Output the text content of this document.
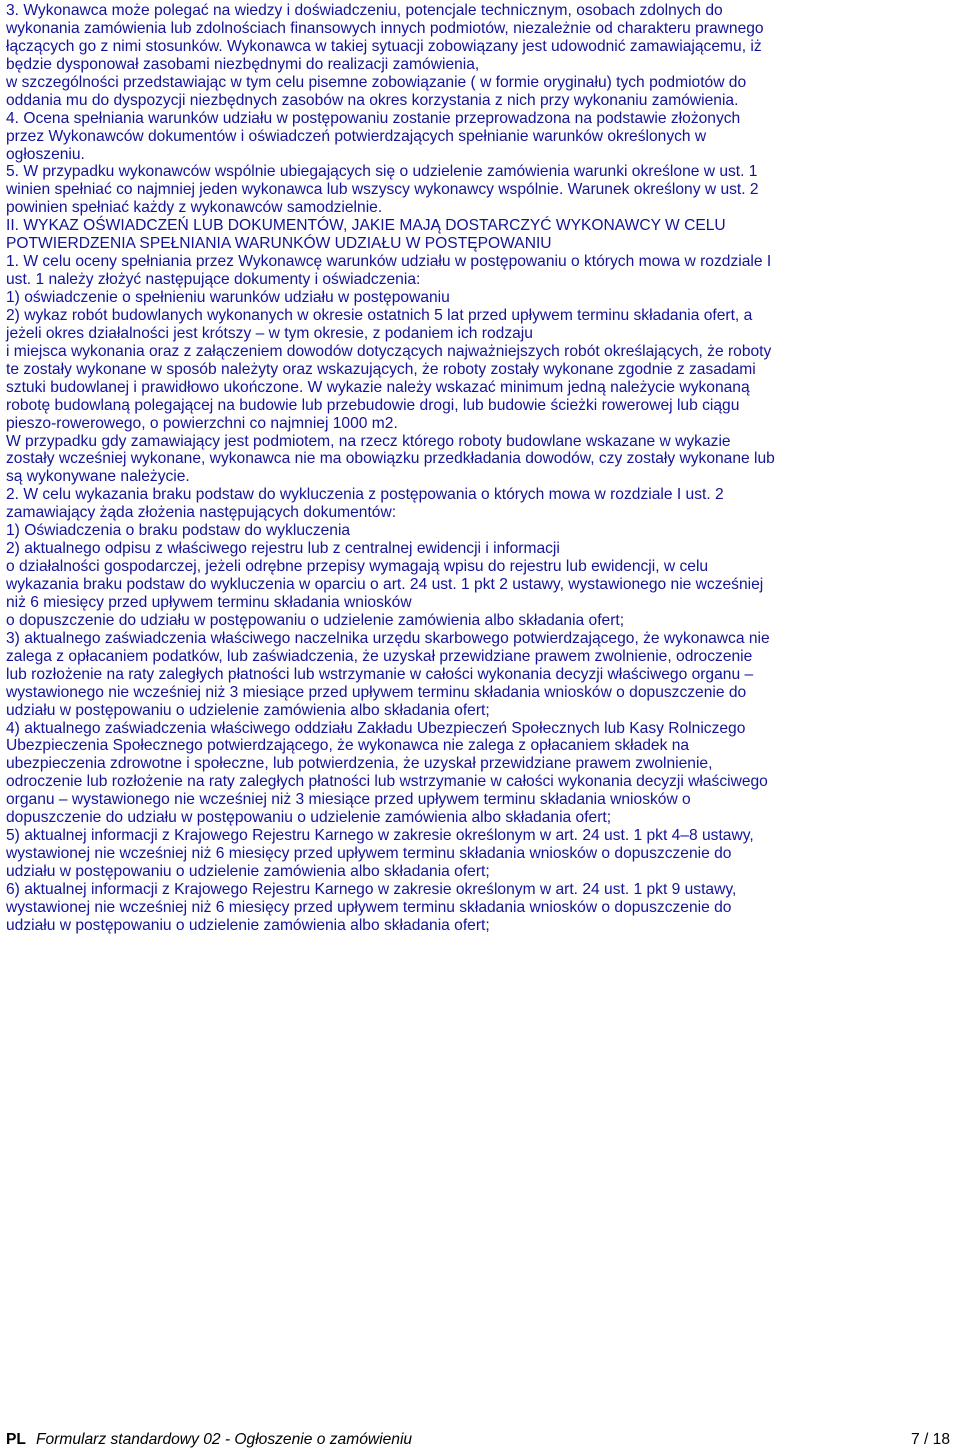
3. Wykonawca może polegać na wiedzy i doświadczeniu, potencjale technicznym, osobach zdolnych do
wykonania zamówienia lub zdolnościach finansowych innych podmiotów, niezależnie od charakteru prawnego
łączących go z nimi stosunków. Wykonawca w takiej sytuacji zobowiązany jest udowodnić zamawiającemu, iż
będzie dysponował zasobami niezbędnymi do realizacji zamówienia,
w szczególności przedstawiając w tym celu pisemne zobowiązanie ( w formie oryginału) tych podmiotów do
oddania mu do dyspozycji niezbędnych zasobów na okres korzystania z nich przy wykonaniu zamówienia.
4. Ocena spełniania warunków udziału w postępowaniu zostanie przeprowadzona na podstawie złożonych
przez Wykonawców dokumentów i oświadczeń potwierdzających spełnianie warunków określonych w
ogłoszeniu.
5. W przypadku wykonawców wspólnie ubiegających się o udzielenie zamówienia warunki określone w ust. 1
winien spełniać co najmniej jeden wykonawca lub wszyscy wykonawcy wspólnie. Warunek określony w ust. 2
powinien spełniać każdy z wykonawców samodzielnie.
II. WYKAZ OŚWIADCZEŃ LUB DOKUMENTÓW, JAKIE MAJĄ DOSTARCZYĆ WYKONAWCY W CELU
POTWIERDZENIA SPEŁNIANIA WARUNKÓW UDZIAŁU W POSTĘPOWANIU
1. W celu oceny spełniania przez Wykonawcę warunków udziału w postępowaniu o których mowa w rozdziale I
ust. 1 należy złożyć następujące dokumenty i oświadczenia:
1) oświadczenie o spełnieniu warunków udziału w postępowaniu
2) wykaz robót budowlanych wykonanych w okresie ostatnich 5 lat przed upływem terminu składania ofert, a
jeżeli okres działalności jest krótszy – w tym okresie, z podaniem ich rodzaju
i miejsca wykonania oraz z załączeniem dowodów dotyczących najważniejszych robót określających, że roboty
te zostały wykonane w sposób należyty oraz wskazujących, że roboty zostały wykonane zgodnie z zasadami
sztuki budowlanej i prawidłowo ukończone. W wykazie należy wskazać minimum jedną należycie wykonaną
robotę budowlaną polegającej na budowie lub przebudowie drogi, lub budowie ścieżki rowerowej lub ciągu
pieszo-rowerowego, o powierzchni co najmniej 1000 m2.
W przypadku gdy zamawiający jest podmiotem, na rzecz którego roboty budowlane wskazane w wykazie
zostały wcześniej wykonane, wykonawca nie ma obowiązku przedkładania dowodów, czy zostały wykonane lub
są wykonywane należycie.
2. W celu wykazania braku podstaw do wykluczenia z postępowania o których mowa w rozdziale I ust. 2
zamawiający żąda złożenia następujących dokumentów:
1) Oświadczenia o braku podstaw do wykluczenia
2) aktualnego odpisu z właściwego rejestru lub z centralnej ewidencji i informacji
o działalności gospodarczej, jeżeli odrębne przepisy wymagają wpisu do rejestru lub ewidencji, w celu
wykazania braku podstaw do wykluczenia w oparciu o art. 24 ust. 1 pkt 2 ustawy, wystawionego nie wcześniej
niż 6 miesięcy przed upływem terminu składania wniosków
o dopuszczenie do udziału w postępowaniu o udzielenie zamówienia albo składania ofert;
3) aktualnego zaświadczenia właściwego naczelnika urzędu skarbowego potwierdzającego, że wykonawca nie
zalega z opłacaniem podatków, lub zaświadczenia, że uzyskał przewidziane prawem zwolnienie, odroczenie
lub rozłożenie na raty zaległych płatności lub wstrzymanie w całości wykonania decyzji właściwego organu –
wystawionego nie wcześniej niż 3 miesiące przed upływem terminu składania wniosków o dopuszczenie do
udziału w postępowaniu o udzielenie zamówienia albo składania ofert;
4) aktualnego zaświadczenia właściwego oddziału Zakładu Ubezpieczeń Społecznych lub Kasy Rolniczego
Ubezpieczenia Społecznego potwierdzającego, że wykonawca nie zalega z opłacaniem składek na
ubezpieczenia zdrowotne i społeczne, lub potwierdzenia, że uzyskał przewidziane prawem zwolnienie,
odroczenie lub rozłożenie na raty zaległych płatności lub wstrzymanie w całości wykonania decyzji właściwego
organu – wystawionego nie wcześniej niż 3 miesiące przed upływem terminu składania wniosków o
dopuszczenie do udziału w postępowaniu o udzielenie zamówienia albo składania ofert;
5) aktualnej informacji z Krajowego Rejestru Karnego w zakresie określonym w art. 24 ust. 1 pkt 4–8 ustawy,
wystawionej nie wcześniej niż 6 miesięcy przed upływem terminu składania wniosków o dopuszczenie do
udziału w postępowaniu o udzielenie zamówienia albo składania ofert;
6) aktualnej informacji z Krajowego Rejestru Karnego w zakresie określonym w art. 24 ust. 1 pkt 9 ustawy,
wystawionej nie wcześniej niż 6 miesięcy przed upływem terminu składania wniosków o dopuszczenie do
udziału w postępowaniu o udzielenie zamówienia albo składania ofert;
PL Formularz standardowy 02 - Ogłoszenie o zamówieniu	7 / 18
